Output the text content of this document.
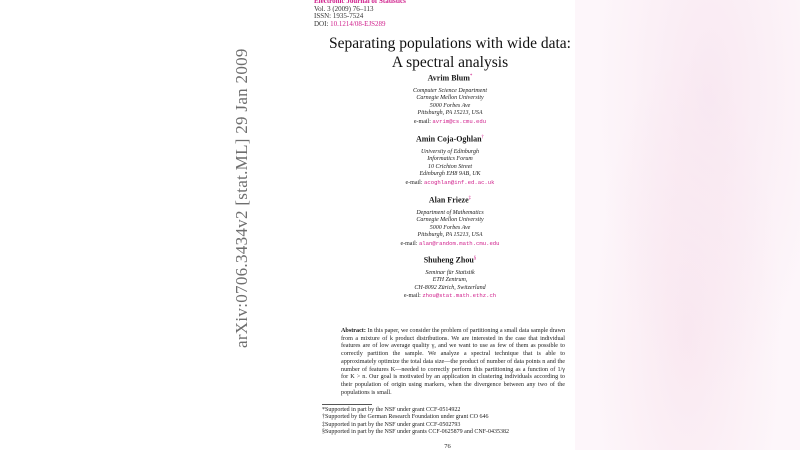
arXiv:0706.3434v2 [stat.ML] 29 Jan 2009
Electronic Journal of Statistics
Vol. 3 (2009) 76–113
ISSN: 1935-7524
DOI: 10.1214/08-EJS289
Separating populations with wide data:
A spectral analysis
Avrim Blum*
Computer Science Department
Carnegie Mellon University
5000 Forbes Ave
Pittsburgh, PA 15213, USA
e-mail: avrim@cs.cmu.edu
Amin Coja-Oghlan†
University of Edinburgh
Informatics Forum
10 Crichton Street
Edinburgh EH8 9AB, UK
e-mail: acoghlan@inf.ed.ac.uk
Alan Frieze‡
Department of Mathematics
Carnegie Mellon University
5000 Forbes Ave
Pittsburgh, PA 15213, USA
e-mail: alan@random.math.cmu.edu
Shuheng Zhou§
Seminar für Statistik
ETH Zentrum,
CH-8092 Zürich, Switzerland
e-mail: zhou@stat.math.ethz.ch
Abstract: In this paper, we consider the problem of partitioning a small data sample drawn from a mixture of k product distributions. We are interested in the case that individual features are of low average quality γ, and we want to use as few of them as possible to correctly partition the sample. We analyze a spectral technique that is able to approximately optimize the total data size—the product of number of data points n and the number of features K—needed to correctly perform this partitioning as a function of 1/γ for K > n. Our goal is motivated by an application in clustering individuals according to their population of origin using markers, when the divergence between any two of the populations is small.
*Supported in part by the NSF under grant CCF-0514922
†Supported by the German Research Foundation under grant CO 646
‡Supported in part by the NSF under grant CCF-0502793
§Supported in part by the NSF under grants CCF-0625879 and CNF-0435382
76
